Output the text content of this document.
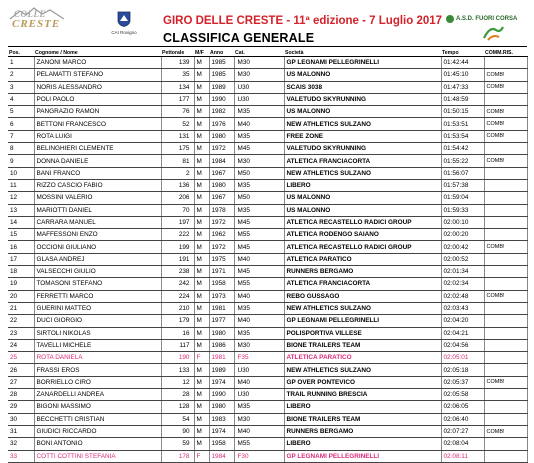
COLLE
CRESTE
CAI Rovigno
GIRO DELLE CRESTE - 11ª edizione - 7 Luglio 2017
CLASSIFICA GENERALE
A.S.D. FUORI CORSA
Pos.	Cognome / Nome	Pettorale	M/F	Anno	Cat.	Società	Tempo	COMM.RIS.
1	ZANONI MARCO	139	M	1985	M30	GP LEGNAMI PELLEGRINELLI	01:42:44	
2	PELAMATTI STEFANO	35	M	1985	M30	US MALONNO	01:45:10	COMB!
3	NORIS ALESSANDRO	134	M	1989	U30	SCAIS 3038	01:47:33	COMB!
4	POLI PAOLO	177	M	1990	U30	VALETUDO SKYRUNNING	01:48:59	
5	PANGRAZIO RAMON	76	M	1982	M35	US MALONNO	01:50:15	COMB!
6	BETTONI FRANCESCO	52	M	1976	M40	NEW ATHLETICS SULZANO	01:53:51	COMB!
7	ROTA LUIGI	131	M	1980	M35	FREE ZONE	01:53:54	COMB!
8	BELINGHIERI CLEMENTE	175	M	1972	M45	VALETUDO SKYRUNNING	01:54:42	
9	DONNA DANIELE	81	M	1984	M30	ATLETICA FRANCIACORTA	01:55:22	COMB!
10	BANI FRANCO	2	M	1967	M50	NEW ATHLETICS SULZANO	01:56:07	
11	RIZZO CASCIO FABIO	136	M	1980	M35	LIBERO	01:57:38	
12	MOSSINI VALERIO	206	M	1967	M50	US MALONNO	01:59:04	
13	MARIOTTI DANIEL	70	M	1978	M35	US MALONNO	01:59:33	
14	CARRARA MANUEL	197	M	1972	M45	ATLETICA RECASTELLO RADICI GROUP	02:00:10	
15	MAFFESSONI ENZO	222	M	1962	M55	ATLETICA RODENGO SAIANO	02:00:20	
16	OCCIONI GIULIANO	199	M	1972	M45	ATLETICA RECASTELLO RADICI GROUP	02:00:42	COMB!
17	GLASA ANDREJ	191	M	1975	M40	ATLETICA PARATICO	02:00:52	
18	VALSECCHI GIULIO	238	M	1971	M45	RUNNERS BERGAMO	02:01:34	
19	TOMASONI STEFANO	242	M	1958	M55	ATLETICA FRANCIACORTA	02:02:34	
20	FERRETTI MARCO	224	M	1973	M40	REBO GUSSAGO	02:02:48	COMB!
21	GUERINI MATTEO	210	M	1981	M35	NEW ATHLETICS SULZANO	02:03:43	
22	DUCI GIORGIO	179	M	1977	M40	GP LEGNAMI PELLEGRINELLI	02:04:20	
23	SIRTOLI NIKOLAS	16	M	1980	M35	POLISPORTIVA VILLESE	02:04:21	
24	TAVELLI MICHELE	117	M	1986	M30	BIONE TRAILERS TEAM	02:04:56	
25	ROTA DANIELA	190	F	1981	F35	ATLETICA PARATICO	02:05:01	
26	FRASSI EROS	133	M	1989	U30	NEW ATHLETICS SULZANO	02:05:18	
27	BORRIELLO CIRO	12	M	1974	M40	GP OVER PONTEVICO	02:05:37	COMB!
28	ZANARDELLI ANDREA	28	M	1990	U30	TRAIL RUNNING BRESCIA	02:05:58	
29	BIGONI MASSIMO	128	M	1980	M35	LIBERO	02:06:05	
30	BECCHETTI CRISTIAN	54	M	1983	M30	BIONE TRAILERS TEAM	02:06:40	
31	GIUDICI RICCARDO	90	M	1974	M40	RUNNERS BERGAMO	02:07:27	COMB!
32	BONI ANTONIO	59	M	1958	M55	LIBERO	02:08:04	
33	COTTI COTTINI STEFANIA	178	F	1984	F30	GP LEGNAMI PELLEGRINELLI	02:08:11	
